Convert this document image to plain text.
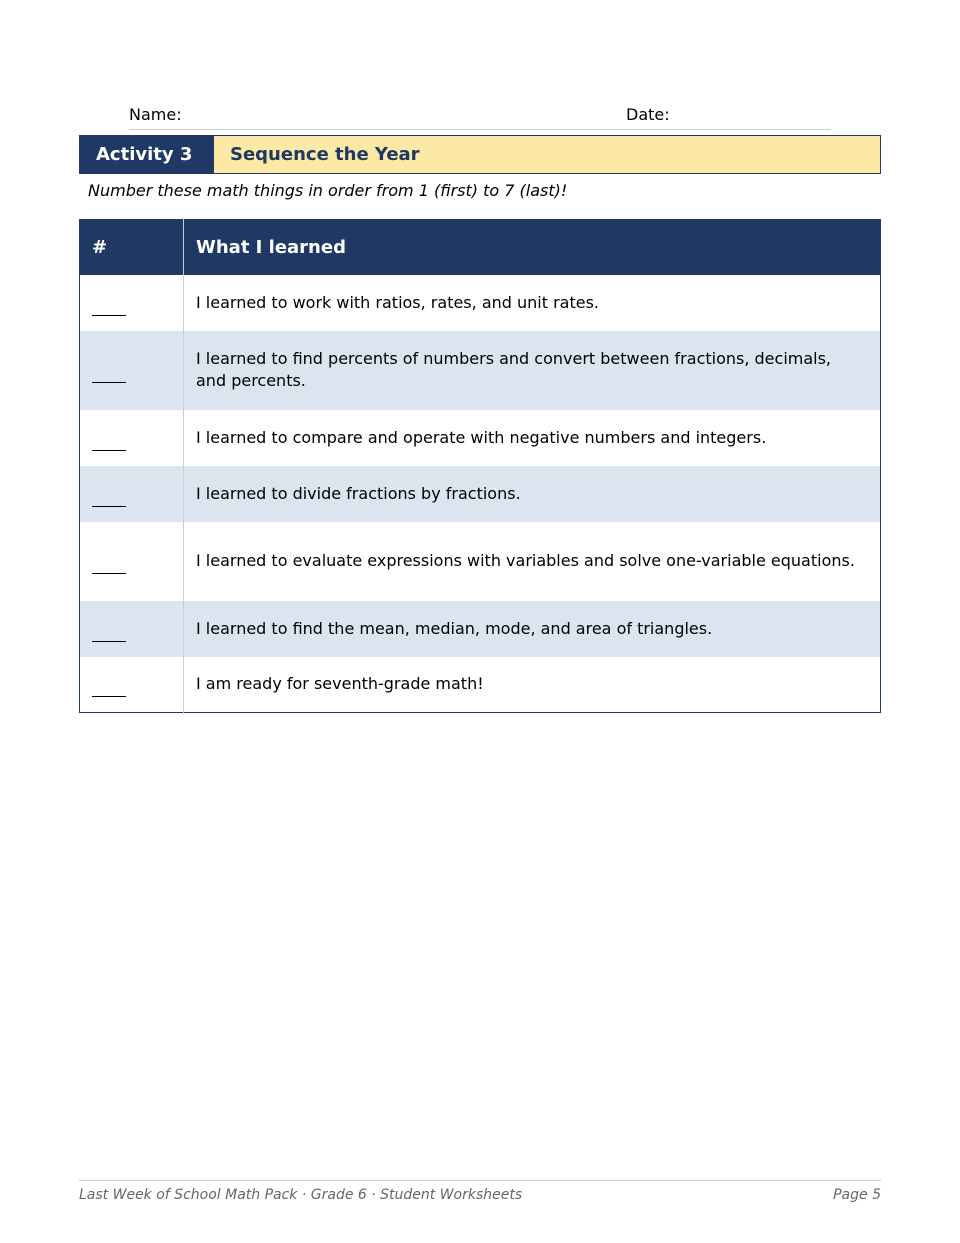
Name:	Date:
Activity 3	Sequence the Year
Number these math things in order from 1 (first) to 7 (last)!
#	What I learned
	I learned to work with ratios, rates, and unit rates.
	I learned to find percents of numbers and convert between fractions, decimals, and percents.
	I learned to compare and operate with negative numbers and integers.
	I learned to divide fractions by fractions.
	I learned to evaluate expressions with variables and solve one-variable equations.
	I learned to find the mean, median, mode, and area of triangles.
	I am ready for seventh-grade math!
Last Week of School Math Pack · Grade 6 · Student Worksheets	Page 5
